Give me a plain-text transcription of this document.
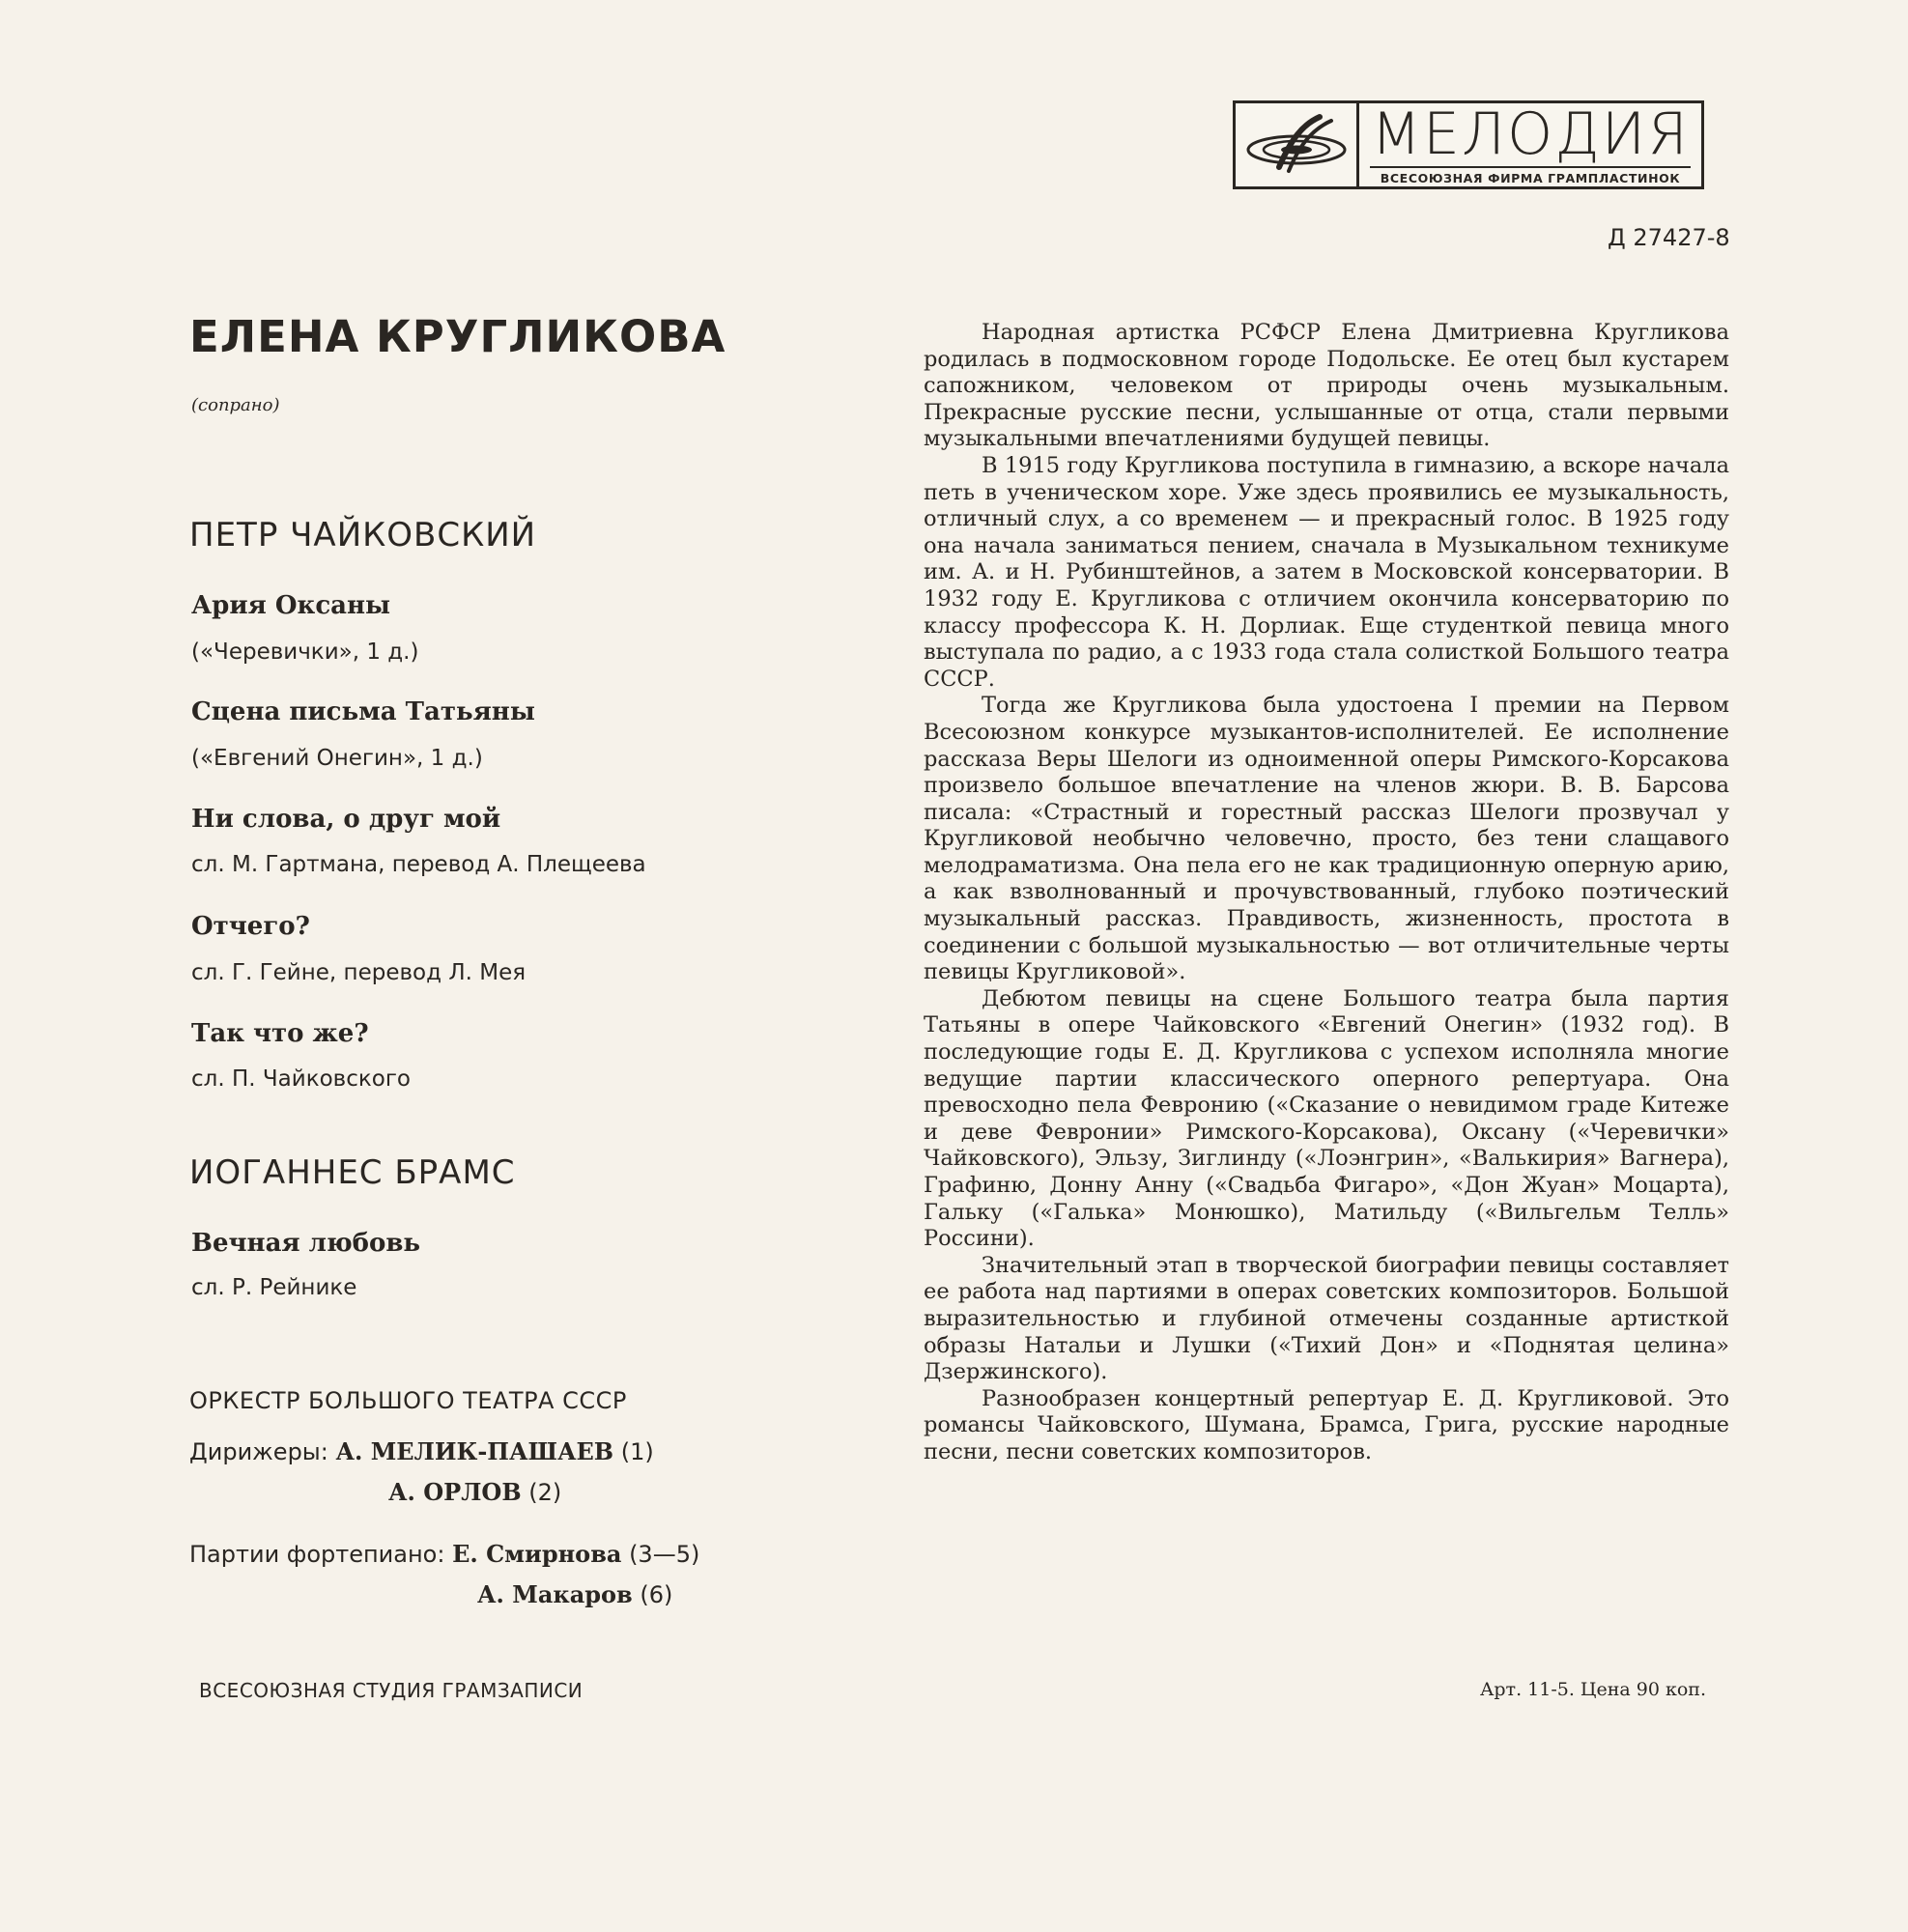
МЕЛОДИЯ
ВСЕСОЮЗНАЯ ФИРМА ГРАМПЛАСТИНОК
Д 27427-8
ЕЛЕНА КРУГЛИКОВА
(сопрано)
ПЕТР ЧАЙКОВСКИЙ
Ария Оксаны
(«Черевички», 1 д.)
Сцена письма Татьяны
(«Евгений Онегин», 1 д.)
Ни слова, о друг мой
сл. М. Гартмана, перевод А. Плещеева
Отчего?
сл. Г. Гейне, перевод Л. Мея
Так что же?
сл. П. Чайковского
ИОГАННЕС БРАМС
Вечная любовь
сл. Р. Рейнике
ОРКЕСТР БОЛЬШОГО ТЕАТРА СССР
Дирижеры: А. МЕЛИК-ПАШАЕВ (1)
А. ОРЛОВ (2)
Партии фортепиано: Е. Смирнова (3—5)
А. Макаров (6)
ВСЕСОЮЗНАЯ СТУДИЯ ГРАМЗАПИСИ

Народная артистка РСФСР Елена Дмитриевна Кругликова родилась в подмосковном городе Подольске. Ее отец был кустарем сапожником, человеком от природы очень музыкальным. Прекрасные русские песни, услышанные от отца, стали первыми музыкальными впечатлениями будущей певицы.

В 1915 году Кругликова поступила в гимназию, а вскоре начала петь в ученическом хоре. Уже здесь проявились ее музыкальность, отличный слух, а со временем — и прекрасный голос. В 1925 году она начала заниматься пением, сначала в Музыкальном техникуме им. А. и Н. Рубинштейнов, а затем в Московской консерватории. В 1932 году Е. Кругликова с отличием окончила консерваторию по классу профессора К. Н. Дорлиак. Еще студенткой певица много выступала по радио, а с 1933 года стала солисткой Большого театра СССР.

Тогда же Кругликова была удостоена I премии на Первом Всесоюзном конкурсе музыкантов-исполнителей. Ее исполнение рассказа Веры Шелоги из одноименной оперы Римского-Корсакова произвело большое впечатление на членов жюри. В. В. Барсова писала: «Страстный и горестный рассказ Шелоги прозвучал у Кругликовой необычно человечно, просто, без тени слащавого мелодраматизма. Она пела его не как традиционную оперную арию, а как взволнованный и прочувствованный, глубоко поэтический музыкальный рассказ. Правдивость, жизненность, простота в соединении с большой музыкальностью — вот отличительные черты певицы Кругликовой».

Дебютом певицы на сцене Большого театра была партия Татьяны в опере Чайковского «Евгений Онегин» (1932 год). В последующие годы Е. Д. Кругликова с успехом исполняла многие ведущие партии классического оперного репертуара. Она превосходно пела Февронию («Сказание о невидимом граде Китеже и деве Февронии» Римского-Корсакова), Оксану («Черевички» Чайковского), Эльзу, Зиглинду («Лоэнгрин», «Валькирия» Вагнера), Графиню, Донну Анну («Свадьба Фигаро», «Дон Жуан» Моцарта), Гальку («Галька» Монюшко), Матильду («Вильгельм Телль» Россини).

Значительный этап в творческой биографии певицы составляет ее работа над партиями в операх советских композиторов. Большой выразительностью и глубиной отмечены созданные артисткой образы Натальи и Лушки («Тихий Дон» и «Поднятая целина» Дзержинского).

Разнообразен концертный репертуар Е. Д. Кругликовой. Это романсы Чайковского, Шумана, Брамса, Грига, русские народные песни, песни советских композиторов.

Арт. 11-5. Цена 90 коп.
